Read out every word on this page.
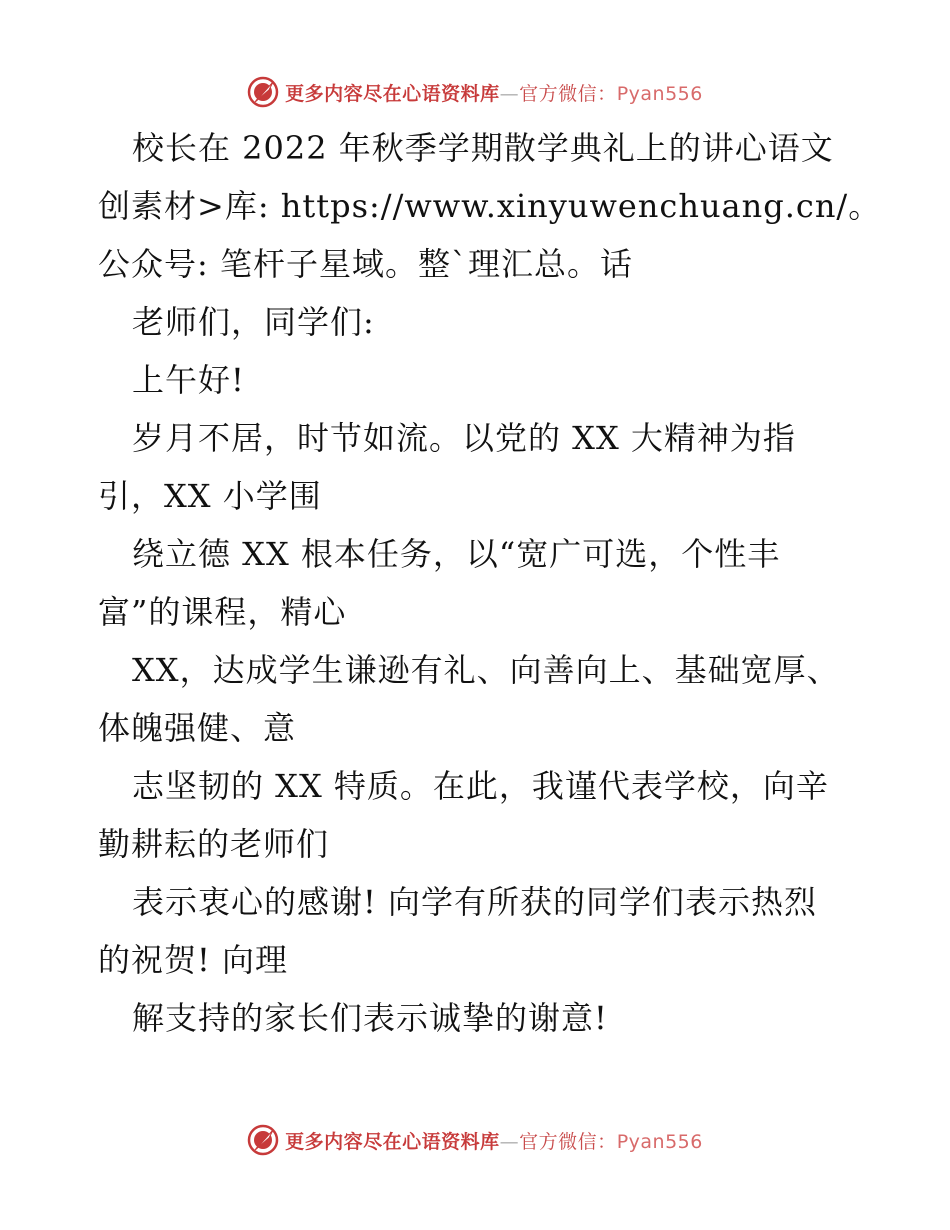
更多内容尽在心语资料库—官方微信：Pyan556
校长在 2022 年秋季学期散学典礼上的讲心语文
创素材>库: https://www.xinyuwenchuang.cn/。
公众号: 笔杆子星域。整`理汇总。话
老师们，同学们:
上午好!
岁月不居，时节如流。以党的 XX 大精神为指
引，XX 小学围
绕立德 XX 根本任务，以“宽广可选，个性丰
富”的课程，精心
XX，达成学生谦逊有礼、向善向上、基础宽厚、
体魄强健、意
志坚韧的 XX 特质。在此，我谨代表学校，向辛
勤耕耘的老师们
表示衷心的感谢! 向学有所获的同学们表示热烈
的祝贺! 向理
解支持的家长们表示诚挚的谢意!
更多内容尽在心语资料库—官方微信：Pyan556
